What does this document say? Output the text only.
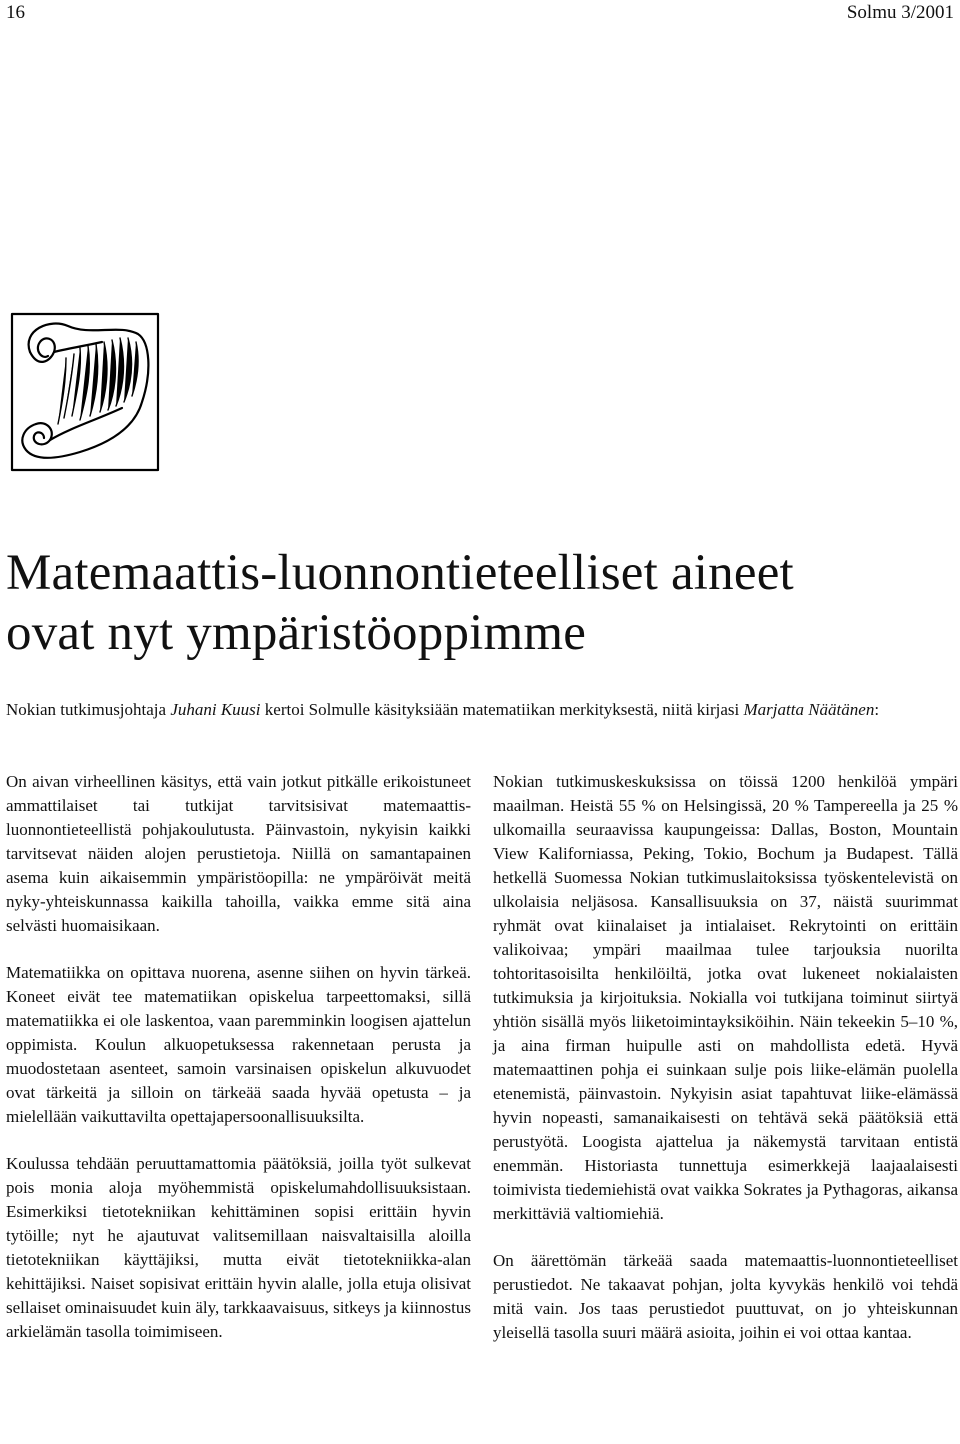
16	Solmu 3/2001
Matemaattis-luonnontieteelliset aineet
ovat nyt ympäristöoppimme

Nokian tutkimusjohtaja Juhani Kuusi kertoi Solmulle käsityksiään matematiikan merkityksestä, niitä kirjasi Marjatta Näätänen:

On aivan virheellinen käsitys, että vain jotkut pitkälle erikoistuneet ammattilaiset tai tutkijat tarvitsisivat matemaattis-luonnontieteellistä pohjakoulutusta. Päinvastoin, nykyisin kaikki tarvitsevat näiden alojen perustietoja. Niillä on samantapainen asema kuin aikaisemmin ympäristöopilla: ne ympäröivät meitä nyky-yhteiskunnassa kaikilla tahoilla, vaikka emme sitä aina selvästi huomaisikaan.

Matematiikka on opittava nuorena, asenne siihen on hyvin tärkeä. Koneet eivät tee matematiikan opiskelua tarpeettomaksi, sillä matematiikka ei ole laskentoa, vaan paremminkin loogisen ajattelun oppimista. Koulun alkuopetuksessa rakennetaan perusta ja muodostetaan asenteet, samoin varsinaisen opiskelun alkuvuodet ovat tärkeitä ja silloin on tärkeää saada hyvää opetusta – ja mielellään vaikuttavilta opettajapersoonallisuuksilta.

Koulussa tehdään peruuttamattomia päätöksiä, joilla työt sulkevat pois monia aloja myöhemmistä opiskelumahdollisuuksistaan. Esimerkiksi tietotekniikan kehittäminen sopisi erittäin hyvin tytöille; nyt he ajautuvat valitsemillaan naisvaltaisilla aloilla tietotekniikan käyttäjiksi, mutta eivät tietotekniikka-alan kehittäjiksi. Naiset sopisivat erittäin hyvin alalle, jolla etuja olisivat sellaiset ominaisuudet kuin äly, tarkkaavaisuus, sitkeys ja kiinnostus arkielämän tasolla toimimiseen.

Nokian tutkimuskeskuksissa on töissä 1200 henkilöä ympäri maailman. Heistä 55 % on Helsingissä, 20 % Tampereella ja 25 % ulkomailla seuraavissa kaupungeissa: Dallas, Boston, Mountain View Kaliforniassa, Peking, Tokio, Bochum ja Budapest. Tällä hetkellä Suomessa Nokian tutkimuslaitoksissa työskentelevistä on ulkolaisia neljäsosa. Kansallisuuksia on 37, näistä suurimmat ryhmät ovat kiinalaiset ja intialaiset. Rekrytointi on erittäin valikoivaa; ympäri maailmaa tulee tarjouksia nuorilta tohtoritasoisilta henkilöiltä, jotka ovat lukeneet nokialaisten tutkimuksia ja kirjoituksia. Nokialla voi tutkijana toiminut siirtyä yhtiön sisällä myös liiketoimintayksiköihin. Näin tekeekin 5–10 %, ja aina firman huipulle asti on mahdollista edetä. Hyvä matemaattinen pohja ei suinkaan sulje pois liike-elämän puolella etenemistä, päinvastoin. Nykyisin asiat tapahtuvat liike-elämässä hyvin nopeasti, samanaikaisesti on tehtävä sekä päätöksiä että perustyötä. Loogista ajattelua ja näkemystä tarvitaan entistä enemmän. Historiasta tunnettuja esimerkkejä laajaalaisesti toimivista tiedemiehistä ovat vaikka Sokrates ja Pythagoras, aikansa merkittäviä valtiomiehiä.

On äärettömän tärkeää saada matemaattis-luonnontieteelliset perustiedot. Ne takaavat pohjan, jolta kyvykäs henkilö voi tehdä mitä vain. Jos taas perustiedot puuttuvat, on jo yhteiskunnan yleisellä tasolla suuri määrä asioita, joihin ei voi ottaa kantaa.
